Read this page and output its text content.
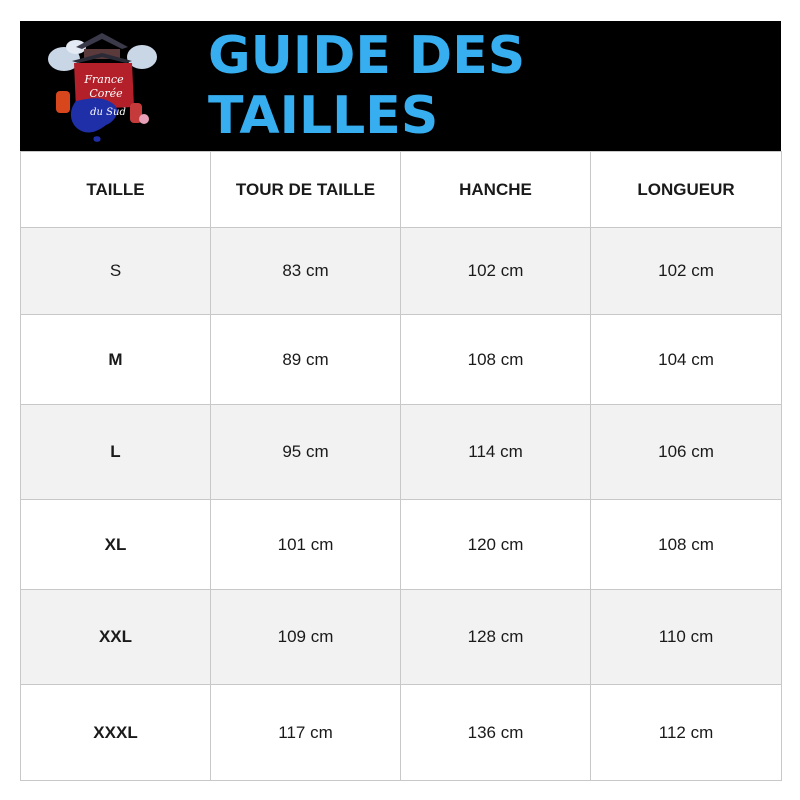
France
Corée
du Sud
GUIDE DES TAILLES
TAILLE	TOUR DE TAILLE	HANCHE	LONGUEUR
S	83 cm	102 cm	102 cm
M	89 cm	108 cm	104 cm
L	95 cm	114 cm	106 cm
XL	101 cm	120 cm	108 cm
XXL	109 cm	128 cm	110 cm
XXXL	117 cm	136 cm	112 cm
